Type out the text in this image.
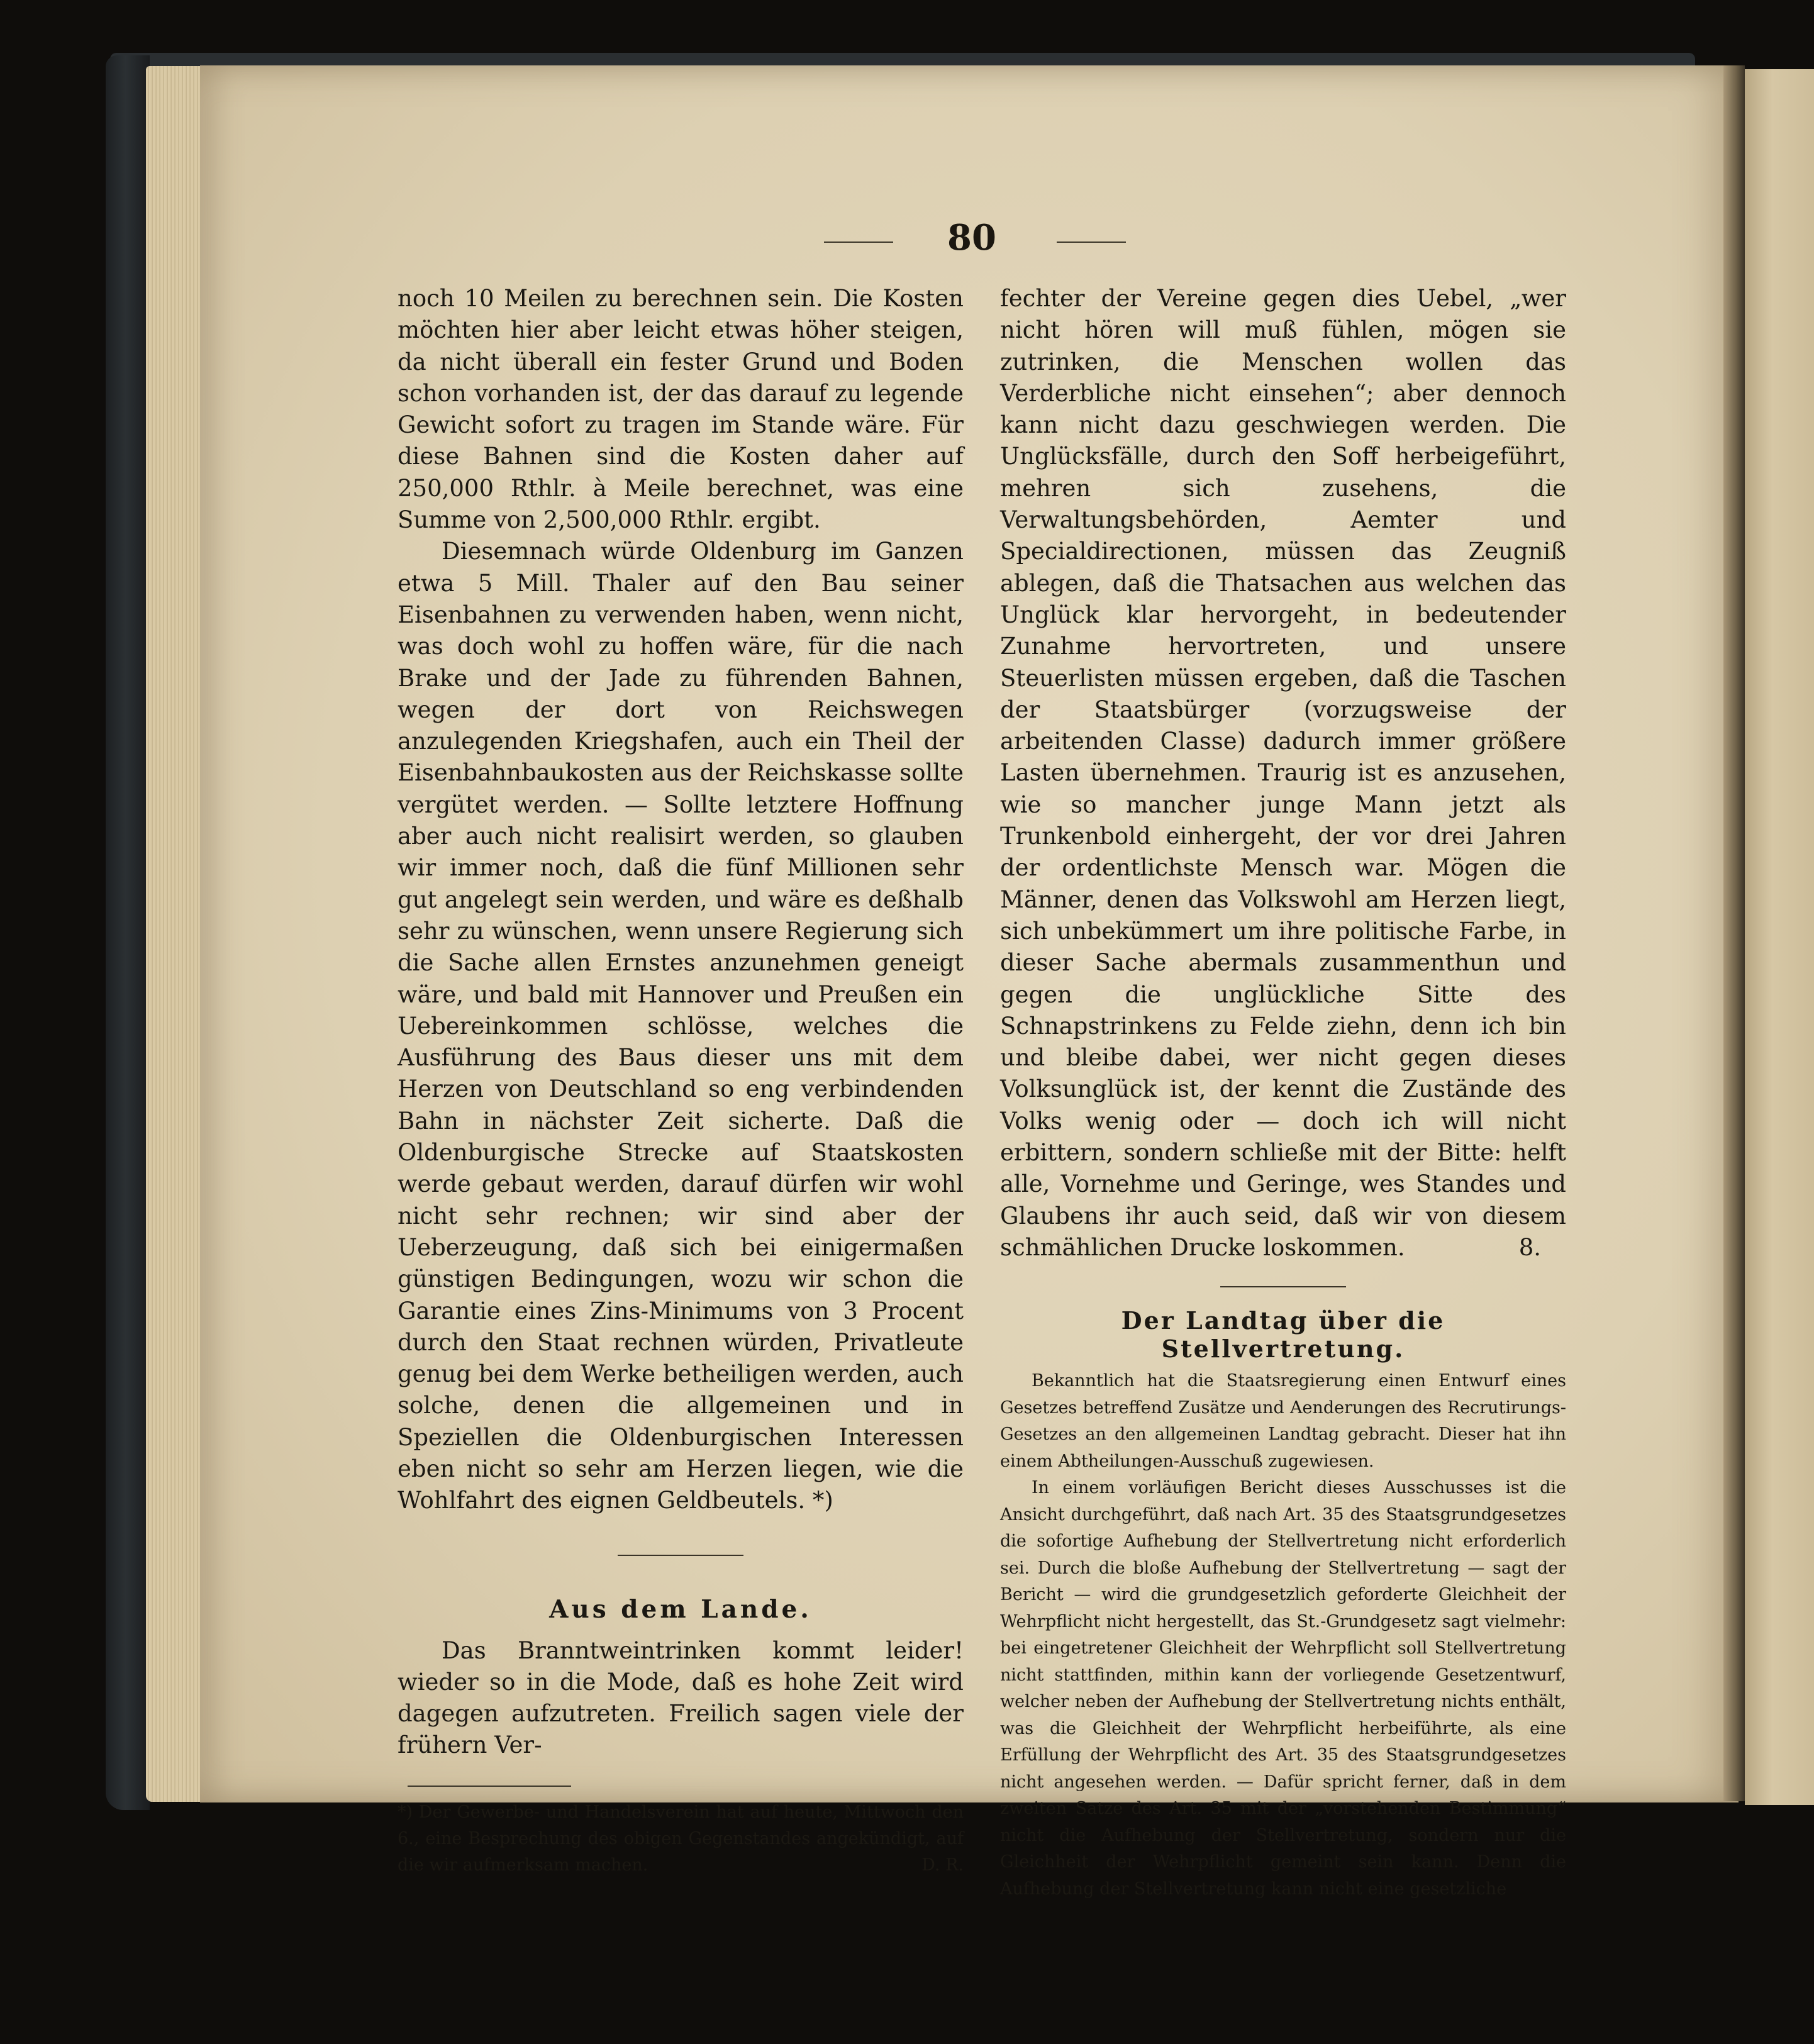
80

noch 10 Meilen zu berechnen sein. Die Kosten möchten hier aber leicht etwas höher steigen, da nicht überall ein fester Grund und Boden schon vorhanden ist, der das darauf zu legende Gewicht sofort zu tragen im Stande wäre. Für diese Bahnen sind die Kosten daher auf 250,000 Rthlr. à Meile berechnet, was eine Summe von 2,500,000 Rthlr. ergibt.

Diesemnach würde Oldenburg im Ganzen etwa 5 Mill. Thaler auf den Bau seiner Eisenbahnen zu verwenden haben, wenn nicht, was doch wohl zu hoffen wäre, für die nach Brake und der Jade zu führenden Bahnen, wegen der dort von Reichswegen anzulegenden Kriegshafen, auch ein Theil der Eisenbahnbaukosten aus der Reichskasse sollte vergütet werden. — Sollte letztere Hoffnung aber auch nicht realisirt werden, so glauben wir immer noch, daß die fünf Millionen sehr gut angelegt sein werden, und wäre es deßhalb sehr zu wünschen, wenn unsere Regierung sich die Sache allen Ernstes anzunehmen geneigt wäre, und bald mit Hannover und Preußen ein Uebereinkommen schlösse, welches die Ausführung des Baus dieser uns mit dem Herzen von Deutschland so eng verbindenden Bahn in nächster Zeit sicherte. Daß die Oldenburgische Strecke auf Staatskosten werde gebaut werden, darauf dürfen wir wohl nicht sehr rechnen; wir sind aber der Ueberzeugung, daß sich bei einigermaßen günstigen Bedingungen, wozu wir schon die Garantie eines Zins-Minimums von 3 Procent durch den Staat rechnen würden, Privatleute genug bei dem Werke betheiligen werden, auch solche, denen die allgemeinen und in Speziellen die Oldenburgischen Interessen eben nicht so sehr am Herzen liegen, wie die Wohlfahrt des eignen Geldbeutels. *)

Aus dem Lande.

Das Branntweintrinken kommt leider! wieder so in die Mode, daß es hohe Zeit wird dagegen aufzutreten. Freilich sagen viele der frühern Ver-

*) Der Gewerbe- und Handelsverein hat auf heute, Mittwoch den 6., eine Besprechung des obigen Gegenstandes angekündigt, auf die wir aufmerksam machen.	D. R.

fechter der Vereine gegen dies Uebel, „wer nicht hören will muß fühlen, mögen sie zutrinken, die Menschen wollen das Verderbliche nicht einsehen“; aber dennoch kann nicht dazu geschwiegen werden. Die Unglücksfälle, durch den Soff herbeigeführt, mehren sich zusehens, die Verwaltungsbehörden, Aemter und Specialdirectionen, müssen das Zeugniß ablegen, daß die Thatsachen aus welchen das Unglück klar hervorgeht, in bedeutender Zunahme hervortreten, und unsere Steuerlisten müssen ergeben, daß die Taschen der Staatsbürger (vorzugsweise der arbeitenden Classe) dadurch immer größere Lasten übernehmen. Traurig ist es anzusehen, wie so mancher junge Mann jetzt als Trunkenbold einhergeht, der vor drei Jahren der ordentlichste Mensch war. Mögen die Männer, denen das Volkswohl am Herzen liegt, sich unbekümmert um ihre politische Farbe, in dieser Sache abermals zusammenthun und gegen die unglückliche Sitte des Schnapstrinkens zu Felde ziehn, denn ich bin und bleibe dabei, wer nicht gegen dieses Volksunglück ist, der kennt die Zustände des Volks wenig oder — doch ich will nicht erbittern, sondern schließe mit der Bitte: helft alle, Vornehme und Geringe, wes Standes und Glaubens ihr auch seid, daß wir von diesem schmählichen Drucke loskommen.	8.

Der Landtag über die Stellvertretung.

Bekanntlich hat die Staatsregierung einen Entwurf eines Gesetzes betreffend Zusätze und Aenderungen des Recrutirungs-Gesetzes an den allgemeinen Landtag gebracht. Dieser hat ihn einem Abtheilungen-Ausschuß zugewiesen.

In einem vorläufigen Bericht dieses Ausschusses ist die Ansicht durchgeführt, daß nach Art. 35 des Staatsgrundgesetzes die sofortige Aufhebung der Stellvertretung nicht erforderlich sei. Durch die bloße Aufhebung der Stellvertretung — sagt der Bericht — wird die grundgesetzlich geforderte Gleichheit der Wehrpflicht nicht hergestellt, das St.-Grundgesetz sagt vielmehr: bei eingetretener Gleichheit der Wehrpflicht soll Stellvertretung nicht stattfinden, mithin kann der vorliegende Gesetzentwurf, welcher neben der Aufhebung der Stellvertretung nichts enthält, was die Gleichheit der Wehrpflicht herbeiführte, als eine Erfüllung der Wehrpflicht des Art. 35 des Staatsgrundgesetzes nicht angesehen werden. — Dafür spricht ferner, daß in dem zweiten Satze des Art. 35 mit der „vorstehenden Bestimmung“ nicht die Aufhebung der Stellvertretung, sondern nur die Gleichheit der Wehrpflicht gemeint sein kann. Denn die Aufhebung der Stellvertretung kann nicht eine gesetzliche
